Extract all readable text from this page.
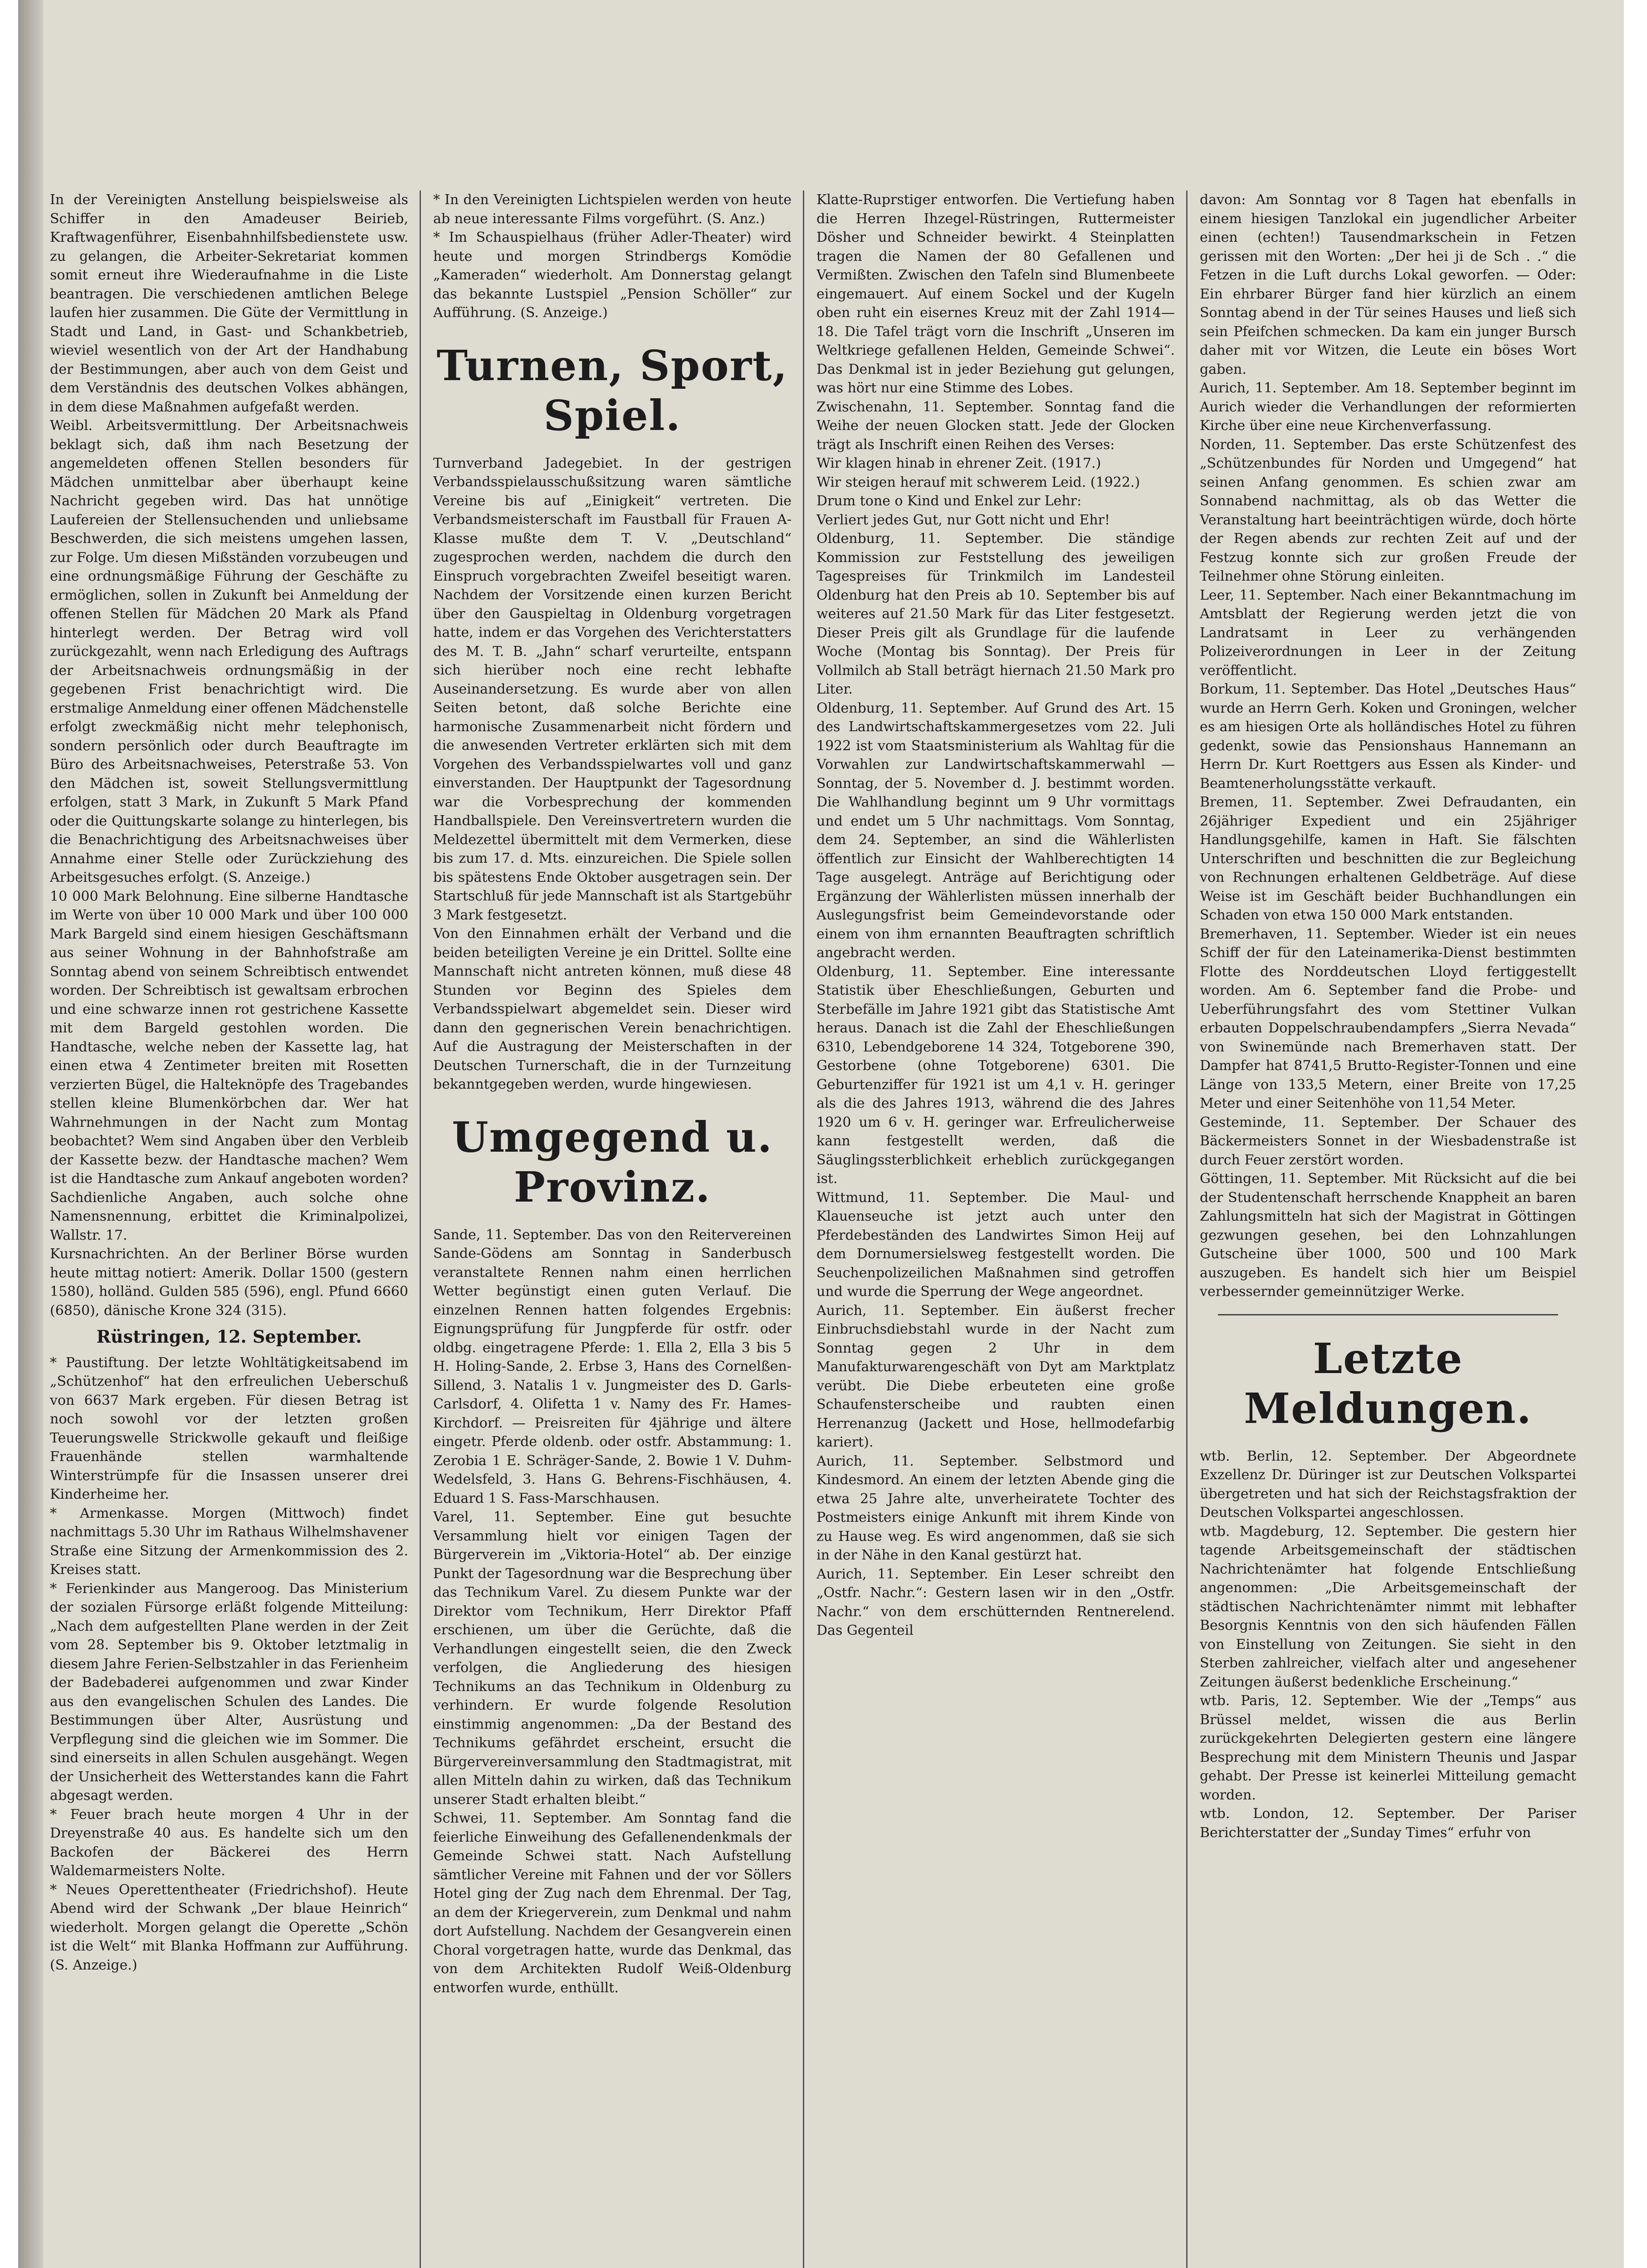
In der Vereinigten Anstellung beispielsweise als Schiffer in den Amadeuser Beirieb, Kraftwagenführer, Eisenbahnhilfsbedienstete usw. zu gelangen, die Arbeiter-Sekretariat kommen somit erneut ihre Wiederaufnahme in die Liste beantragen. Die verschiedenen amtlichen Belege laufen hier zusammen. Die Güte der Vermittlung in Stadt und Land, in Gast- und Schankbetrieb, wieviel wesentlich von der Art der Handhabung der Bestimmungen, aber auch von dem Geist und dem Verständnis des deutschen Volkes abhängen, in dem diese Maßnahmen aufgefaßt werden.

Weibl. Arbeitsvermittlung. Der Arbeitsnachweis beklagt sich, daß ihm nach Besetzung der angemeldeten offenen Stellen besonders für Mädchen unmittelbar aber überhaupt keine Nachricht gegeben wird. Das hat unnötige Laufereien der Stellensuchenden und unliebsame Beschwerden, die sich meistens umgehen lassen, zur Folge. Um diesen Mißständen vorzubeugen und eine ordnungsmäßige Führung der Geschäfte zu ermöglichen, sollen in Zukunft bei Anmeldung der offenen Stellen für Mädchen 20 Mark als Pfand hinterlegt werden. Der Betrag wird voll zurückgezahlt, wenn nach Erledigung des Auftrags der Arbeitsnachweis ordnungsmäßig in der gegebenen Frist benachrichtigt wird. Die erstmalige Anmeldung einer offenen Mädchenstelle erfolgt zweckmäßig nicht mehr telephonisch, sondern persönlich oder durch Beauftragte im Büro des Arbeitsnachweises, Peterstraße 53. Von den Mädchen ist, soweit Stellungsvermittlung erfolgen, statt 3 Mark, in Zukunft 5 Mark Pfand oder die Quittungskarte solange zu hinterlegen, bis die Benachrichtigung des Arbeitsnachweises über Annahme einer Stelle oder Zurückziehung des Arbeitsgesuches erfolgt. (S. Anzeige.)

10 000 Mark Belohnung. Eine silberne Handtasche im Werte von über 10 000 Mark und über 100 000 Mark Bargeld sind einem hiesigen Geschäftsmann aus seiner Wohnung in der Bahnhofstraße am Sonntag abend von seinem Schreibtisch entwendet worden. Der Schreibtisch ist gewaltsam erbrochen und eine schwarze innen rot gestrichene Kassette mit dem Bargeld gestohlen worden. Die Handtasche, welche neben der Kassette lag, hat einen etwa 4 Zentimeter breiten mit Rosetten verzierten Bügel, die Halteknöpfe des Tragebandes stellen kleine Blumenkörbchen dar. Wer hat Wahrnehmungen in der Nacht zum Montag beobachtet? Wem sind Angaben über den Verbleib der Kassette bezw. der Handtasche machen? Wem ist die Handtasche zum Ankauf angeboten worden? Sachdienliche Angaben, auch solche ohne Namensnennung, erbittet die Kriminalpolizei, Wallstr. 17.

Kursnachrichten. An der Berliner Börse wurden heute mittag notiert: Amerik. Dollar 1500 (gestern 1580), holländ. Gulden 585 (596), engl. Pfund 6660 (6850), dänische Krone 324 (315).

Rüstringen, 12. September.

* Paustiftung. Der letzte Wohltätigkeitsabend im „Schützenhof“ hat den erfreulichen Ueberschuß von 6637 Mark ergeben. Für diesen Betrag ist noch sowohl vor der letzten großen Teuerungswelle Strickwolle gekauft und fleißige Frauenhände stellen warmhaltende Winterstrümpfe für die Insassen unserer drei Kinderheime her.

* Armenkasse. Morgen (Mittwoch) findet nachmittags 5.30 Uhr im Rathaus Wilhelmshavener Straße eine Sitzung der Armenkommission des 2. Kreises statt.

* Ferienkinder aus Mangeroog. Das Ministerium der sozialen Fürsorge erläßt folgende Mitteilung: „Nach dem aufgestellten Plane werden in der Zeit vom 28. September bis 9. Oktober letztmalig in diesem Jahre Ferien-Selbstzahler in das Ferienheim der Badebaderei aufgenommen und zwar Kinder aus den evangelischen Schulen des Landes. Die Bestimmungen über Alter, Ausrüstung und Verpflegung sind die gleichen wie im Sommer. Die sind einerseits in allen Schulen ausgehängt. Wegen der Unsicherheit des Wetterstandes kann die Fahrt abgesagt werden.

* Feuer brach heute morgen 4 Uhr in der Dreyenstraße 40 aus. Es handelte sich um den Backofen der Bäckerei des Herrn Waldemarmeisters Nolte.

* Neues Operettentheater (Friedrichshof). Heute Abend wird der Schwank „Der blaue Heinrich“ wiederholt. Morgen gelangt die Operette „Schön ist die Welt“ mit Blanka Hoffmann zur Aufführung. (S. Anzeige.)

* In den Vereinigten Lichtspielen werden von heute ab neue interessante Films vorgeführt. (S. Anz.)

* Im Schauspielhaus (früher Adler-Theater) wird heute und morgen Strindbergs Komödie „Kameraden“ wiederholt. Am Donnerstag gelangt das bekannte Lustspiel „Pension Schöller“ zur Aufführung. (S. Anzeige.)

Turnen, Sport, Spiel.

Turnverband Jadegebiet. In der gestrigen Verbandsspielausschußsitzung waren sämtliche Vereine bis auf „Einigkeit“ vertreten. Die Verbandsmeisterschaft im Faustball für Frauen A-Klasse mußte dem T. V. „Deutschland“ zugesprochen werden, nachdem die durch den Einspruch vorgebrachten Zweifel beseitigt waren. Nachdem der Vorsitzende einen kurzen Bericht über den Gauspieltag in Oldenburg vorgetragen hatte, indem er das Vorgehen des Verichterstatters des M. T. B. „Jahn“ scharf verurteilte, entspann sich hierüber noch eine recht lebhafte Auseinandersetzung. Es wurde aber von allen Seiten betont, daß solche Berichte eine harmonische Zusammenarbeit nicht fördern und die anwesenden Vertreter erklärten sich mit dem Vorgehen des Verbandsspielwartes voll und ganz einverstanden. Der Hauptpunkt der Tagesordnung war die Vorbesprechung der kommenden Handballspiele. Den Vereinsvertretern wurden die Meldezettel übermittelt mit dem Vermerken, diese bis zum 17. d. Mts. einzureichen. Die Spiele sollen bis spätestens Ende Oktober ausgetragen sein. Der Startschluß für jede Mannschaft ist als Startgebühr 3 Mark festgesetzt.

Von den Einnahmen erhält der Verband und die beiden beteiligten Vereine je ein Drittel. Sollte eine Mannschaft nicht antreten können, muß diese 48 Stunden vor Beginn des Spieles dem Verbandsspielwart abgemeldet sein. Dieser wird dann den gegnerischen Verein benachrichtigen. Auf die Austragung der Meisterschaften in der Deutschen Turnerschaft, die in der Turnzeitung bekanntgegeben werden, wurde hingewiesen.

Umgegend u. Provinz.

Sande, 11. September. Das von den Reitervereinen Sande-Gödens am Sonntag in Sanderbusch veranstaltete Rennen nahm einen herrlichen Wetter begünstigt einen guten Verlauf. Die einzelnen Rennen hatten folgendes Ergebnis: Eignungsprüfung für Jungpferde für ostfr. oder oldbg. eingetragene Pferde: 1. Ella 2, Ella 3 bis 5 H. Holing-Sande, 2. Erbse 3, Hans des Cornelßen-Sillend, 3. Natalis 1 v. Jungmeister des D. Garls-Carlsdorf, 4. Olifetta 1 v. Namy des Fr. Hames-Kirchdorf. — Preisreiten für 4jährige und ältere eingetr. Pferde oldenb. oder ostfr. Abstammung: 1. Zerobia 1 E. Schräger-Sande, 2. Bowie 1 V. Duhm-Wedelsfeld, 3. Hans G. Behrens-Fischhäusen, 4. Eduard 1 S. Fass-Marschhausen.

Varel, 11. September. Eine gut besuchte Versammlung hielt vor einigen Tagen der Bürgerverein im „Viktoria-Hotel“ ab. Der einzige Punkt der Tagesordnung war die Besprechung über das Technikum Varel. Zu diesem Punkte war der Direktor vom Technikum, Herr Direktor Pfaff erschienen, um über die Gerüchte, daß die Verhandlungen eingestellt seien, die den Zweck verfolgen, die Angliederung des hiesigen Technikums an das Technikum in Oldenburg zu verhindern. Er wurde folgende Resolution einstimmig angenommen: „Da der Bestand des Technikums gefährdet erscheint, ersucht die Bürgervereinversammlung den Stadtmagistrat, mit allen Mitteln dahin zu wirken, daß das Technikum unserer Stadt erhalten bleibt.“

Schwei, 11. September. Am Sonntag fand die feierliche Einweihung des Gefallenendenkmals der Gemeinde Schwei statt. Nach Aufstellung sämtlicher Vereine mit Fahnen und der vor Söllers Hotel ging der Zug nach dem Ehrenmal. Der Tag, an dem der Kriegerverein, zum Denkmal und nahm dort Aufstellung. Nachdem der Gesangverein einen Choral vorgetragen hatte, wurde das Denkmal, das von dem Architekten Rudolf Weiß-Oldenburg entworfen wurde, enthüllt.

Klatte-Ruprstiger entworfen. Die Vertiefung haben die Herren Ihzegel-Rüstringen, Ruttermeister Dösher und Schneider bewirkt. 4 Steinplatten tragen die Namen der 80 Gefallenen und Vermißten. Zwischen den Tafeln sind Blumenbeete eingemauert. Auf einem Sockel und der Kugeln oben ruht ein eisernes Kreuz mit der Zahl 1914—18. Die Tafel trägt vorn die Inschrift „Unseren im Weltkriege gefallenen Helden, Gemeinde Schwei“. Das Denkmal ist in jeder Beziehung gut gelungen, was hört nur eine Stimme des Lobes.

Zwischenahn, 11. September. Sonntag fand die Weihe der neuen Glocken statt. Jede der Glocken trägt als Inschrift einen Reihen des Verses:
Wir klagen hinab in ehrener Zeit. (1917.)
Wir steigen herauf mit schwerem Leid. (1922.)
Drum tone o Kind und Enkel zur Lehr:
Verliert jedes Gut, nur Gott nicht und Ehr!

Oldenburg, 11. September. Die ständige Kommission zur Feststellung des jeweiligen Tagespreises für Trinkmilch im Landesteil Oldenburg hat den Preis ab 10. September bis auf weiteres auf 21.50 Mark für das Liter festgesetzt. Dieser Preis gilt als Grundlage für die laufende Woche (Montag bis Sonntag). Der Preis für Vollmilch ab Stall beträgt hiernach 21.50 Mark pro Liter.

Oldenburg, 11. September. Auf Grund des Art. 15 des Landwirtschaftskammergesetzes vom 22. Juli 1922 ist vom Staatsministerium als Wahltag für die Vorwahlen zur Landwirtschaftskammerwahl — Sonntag, der 5. November d. J. bestimmt worden. Die Wahlhandlung beginnt um 9 Uhr vormittags und endet um 5 Uhr nachmittags. Vom Sonntag, dem 24. September, an sind die Wählerlisten öffentlich zur Einsicht der Wahlberechtigten 14 Tage ausgelegt. Anträge auf Berichtigung oder Ergänzung der Wählerlisten müssen innerhalb der Auslegungsfrist beim Gemeindevorstande oder einem von ihm ernannten Beauftragten schriftlich angebracht werden.

Oldenburg, 11. September. Eine interessante Statistik über Eheschließungen, Geburten und Sterbefälle im Jahre 1921 gibt das Statistische Amt heraus. Danach ist die Zahl der Eheschließungen 6310, Lebendgeborene 14 324, Totgeborene 390, Gestorbene (ohne Totgeborene) 6301. Die Geburtenziffer für 1921 ist um 4,1 v. H. geringer als die des Jahres 1913, während die des Jahres 1920 um 6 v. H. geringer war. Erfreulicherweise kann festgestellt werden, daß die Säuglingssterblichkeit erheblich zurückgegangen ist.

Wittmund, 11. September. Die Maul- und Klauenseuche ist jetzt auch unter den Pferdebeständen des Landwirtes Simon Heij auf dem Dornumersielsweg festgestellt worden. Die Seuchenpolizeilichen Maßnahmen sind getroffen und wurde die Sperrung der Wege angeordnet.

Aurich, 11. September. Ein äußerst frecher Einbruchsdiebstahl wurde in der Nacht zum Sonntag gegen 2 Uhr in dem Manufakturwarengeschäft von Dyt am Marktplatz verübt. Die Diebe erbeuteten eine große Schaufensterscheibe und raubten einen Herrenanzug (Jackett und Hose, hellmodefarbig kariert).

Aurich, 11. September. Selbstmord und Kindesmord. An einem der letzten Abende ging die etwa 25 Jahre alte, unverheiratete Tochter des Postmeisters einige Ankunft mit ihrem Kinde von zu Hause weg. Es wird angenommen, daß sie sich in der Nähe in den Kanal gestürzt hat.

Aurich, 11. September. Ein Leser schreibt den „Ostfr. Nachr.“: Gestern lasen wir in den „Ostfr. Nachr.“ von dem erschütternden Rentnerelend. Das Gegenteil

davon: Am Sonntag vor 8 Tagen hat ebenfalls in einem hiesigen Tanzlokal ein jugendlicher Arbeiter einen (echten!) Tausendmarkschein in Fetzen gerissen mit den Worten: „Der hei ji de Sch . .“ die Fetzen in die Luft durchs Lokal geworfen. — Oder: Ein ehrbarer Bürger fand hier kürzlich an einem Sonntag abend in der Tür seines Hauses und ließ sich sein Pfeifchen schmecken. Da kam ein junger Bursch daher mit vor Witzen, die Leute ein böses Wort gaben.

Aurich, 11. September. Am 18. September beginnt im Aurich wieder die Verhandlungen der reformierten Kirche über eine neue Kirchenverfassung.

Norden, 11. September. Das erste Schützenfest des „Schützenbundes für Norden und Umgegend“ hat seinen Anfang genommen. Es schien zwar am Sonnabend nachmittag, als ob das Wetter die Veranstaltung hart beeinträchtigen würde, doch hörte der Regen abends zur rechten Zeit auf und der Festzug konnte sich zur großen Freude der Teilnehmer ohne Störung einleiten.

Leer, 11. September. Nach einer Bekanntmachung im Amtsblatt der Regierung werden jetzt die von Landratsamt in Leer zu verhängenden Polizeiverordnungen in Leer in der Zeitung veröffentlicht.

Borkum, 11. September. Das Hotel „Deutsches Haus“ wurde an Herrn Gerh. Koken und Groningen, welcher es am hiesigen Orte als holländisches Hotel zu führen gedenkt, sowie das Pensionshaus Hannemann an Herrn Dr. Kurt Roettgers aus Essen als Kinder- und Beamtenerholungsstätte verkauft.

Bremen, 11. September. Zwei Defraudanten, ein 26jähriger Expedient und ein 25jähriger Handlungsgehilfe, kamen in Haft. Sie fälschten Unterschriften und beschnitten die zur Begleichung von Rechnungen erhaltenen Geldbeträge. Auf diese Weise ist im Geschäft beider Buchhandlungen ein Schaden von etwa 150 000 Mark entstanden.

Bremerhaven, 11. September. Wieder ist ein neues Schiff der für den Lateinamerika-Dienst bestimmten Flotte des Norddeutschen Lloyd fertiggestellt worden. Am 6. September fand die Probe- und Ueberführungsfahrt des vom Stettiner Vulkan erbauten Doppelschraubendampfers „Sierra Nevada“ von Swinemünde nach Bremerhaven statt. Der Dampfer hat 8741,5 Brutto-Register-Tonnen und eine Länge von 133,5 Metern, einer Breite von 17,25 Meter und einer Seitenhöhe von 11,54 Meter.

Gesteminde, 11. September. Der Schauer des Bäckermeisters Sonnet in der Wiesbadenstraße ist durch Feuer zerstört worden.

Göttingen, 11. September. Mit Rücksicht auf die bei der Studentenschaft herrschende Knappheit an baren Zahlungsmitteln hat sich der Magistrat in Göttingen gezwungen gesehen, bei den Lohnzahlungen Gutscheine über 1000, 500 und 100 Mark auszugeben. Es handelt sich hier um Beispiel verbessernder gemeinnütziger Werke.

Letzte Meldungen.

wtb. Berlin, 12. September. Der Abgeordnete Exzellenz Dr. Düringer ist zur Deutschen Volkspartei übergetreten und hat sich der Reichstagsfraktion der Deutschen Volkspartei angeschlossen.

wtb. Magdeburg, 12. September. Die gestern hier tagende Arbeitsgemeinschaft der städtischen Nachrichtenämter hat folgende Entschließung angenommen: „Die Arbeitsgemeinschaft der städtischen Nachrichtenämter nimmt mit lebhafter Besorgnis Kenntnis von den sich häufenden Fällen von Einstellung von Zeitungen. Sie sieht in den Sterben zahlreicher, vielfach alter und angesehener Zeitungen äußerst bedenkliche Erscheinung.“

wtb. Paris, 12. September. Wie der „Temps“ aus Brüssel meldet, wissen die aus Berlin zurückgekehrten Delegierten gestern eine längere Besprechung mit dem Ministern Theunis und Jaspar gehabt. Der Presse ist keinerlei Mitteilung gemacht worden.

wtb. London, 12. September. Der Pariser Berichterstatter der „Sunday Times“ erfuhr von
